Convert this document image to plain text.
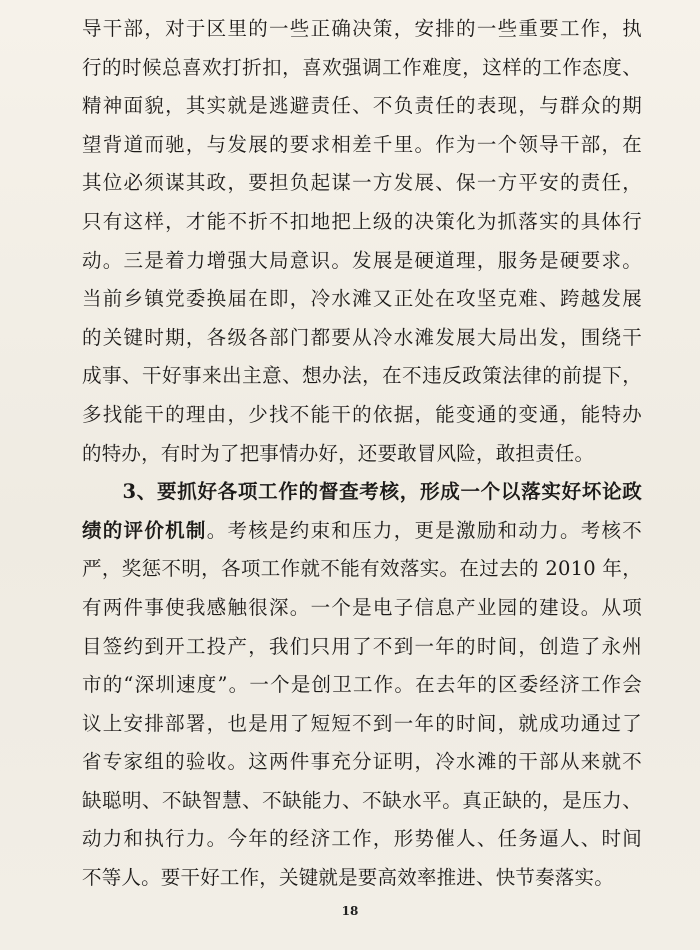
导干部，对于区里的一些正确决策，安排的一些重要工作，执
行的时候总喜欢打折扣，喜欢强调工作难度，这样的工作态度、
精神面貌，其实就是逃避责任、不负责任的表现，与群众的期
望背道而驰，与发展的要求相差千里。作为一个领导干部，在
其位必须谋其政，要担负起谋一方发展、保一方平安的责任，
只有这样，才能不折不扣地把上级的决策化为抓落实的具体行
动。三是着力增强大局意识。发展是硬道理，服务是硬要求。
当前乡镇党委换届在即，冷水滩又正处在攻坚克难、跨越发展
的关键时期，各级各部门都要从冷水滩发展大局出发，围绕干
成事、干好事来出主意、想办法，在不违反政策法律的前提下，
多找能干的理由，少找不能干的依据，能变通的变通，能特办
的特办，有时为了把事情办好，还要敢冒风险，敢担责任。
　　3、要抓好各项工作的督查考核，形成一个以落实好坏论政
绩的评价机制。考核是约束和压力，更是激励和动力。考核不
严，奖惩不明，各项工作就不能有效落实。在过去的 2010 年，
有两件事使我感触很深。一个是电子信息产业园的建设。从项
目签约到开工投产，我们只用了不到一年的时间，创造了永州
市的“深圳速度”。一个是创卫工作。在去年的区委经济工作会
议上安排部署，也是用了短短不到一年的时间，就成功通过了
省专家组的验收。这两件事充分证明，冷水滩的干部从来就不
缺聪明、不缺智慧、不缺能力、不缺水平。真正缺的，是压力、
动力和执行力。今年的经济工作，形势催人、任务逼人、时间
不等人。要干好工作，关键就是要高效率推进、快节奏落实。
18
